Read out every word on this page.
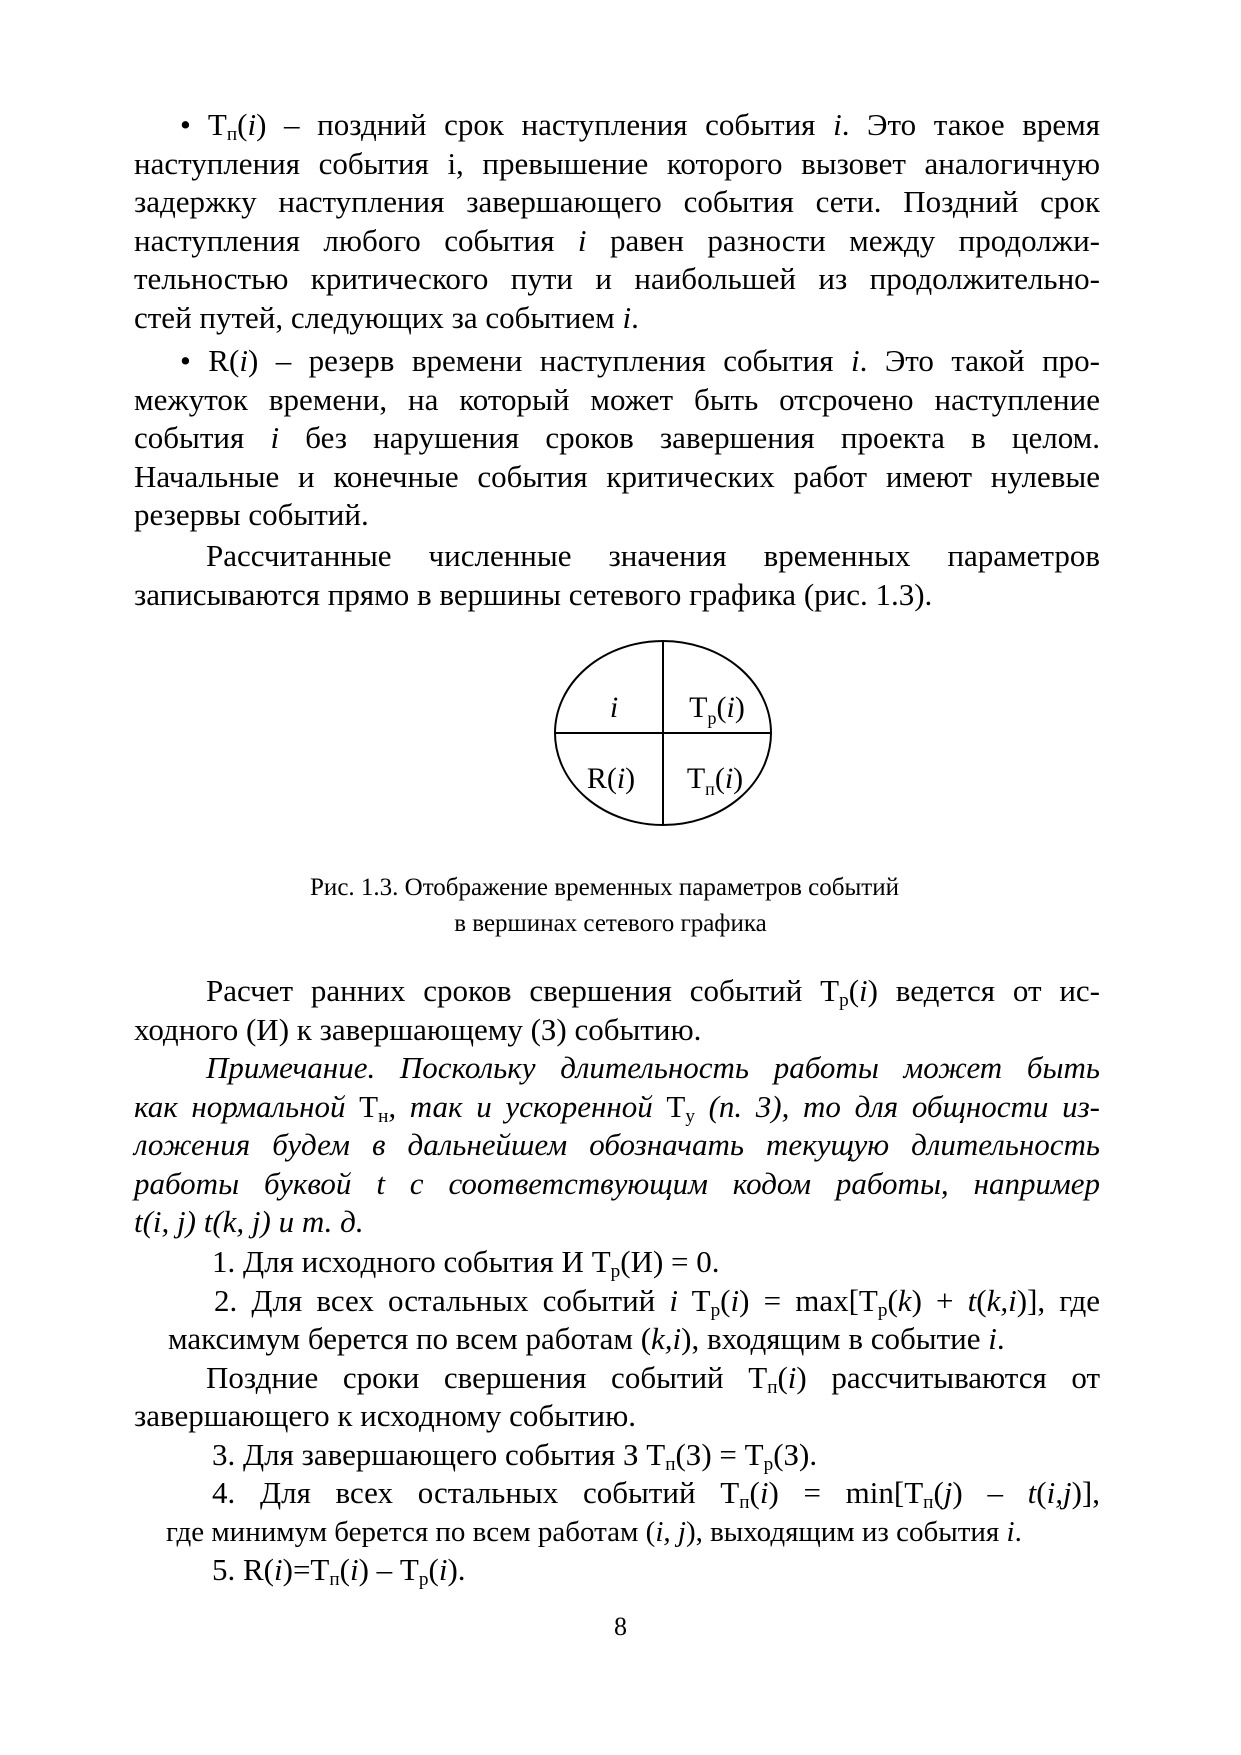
• $T_п(i)$ – поздний срок наступления события i. Это такое время

наступления события i, превышение которого вызовет аналогичную

задержку наступления завершающего события сети. Поздний срок

наступления любого события i равен разности между продолжи-

тельностью критического пути и наибольшей из продолжительно-

стей путей, следующих за событием i.

• R(i) – резерв времени наступления события i. Это такой про-

межуток времени, на который может быть отсрочено наступление

события i без нарушения сроков завершения проекта в целом.

Начальные и конечные события критических работ имеют нулевые

резервы событий.

Рассчитанные численные значения временных параметров

записываются прямо в вершины сетевого графика (рис. 1.3).

i $T_р(i)$
R(i) $T_п(i)$
Рис. 1.3. Отображение временных параметров событий
в вершинах сетевого графика

Расчет ранних сроков свершения событий $T_р(i)$ ведется от ис-

ходного (И) к завершающему (З) событию.

Примечание. Поскольку длительность работы может быть

как нормальной $T_н$, так и ускоренной $T_у$ (п. 3), то для общности из-

ложения будем в дальнейшем обозначать текущую длительность

работы буквой t с соответствующим кодом работы, например

t(i, j) t(k, j) и т. д.

1. Для исходного события И $T_р(И) = 0$.

2. Для всех остальных событий i $T_р(i) = \max[T_р(k) + t(k,i)]$, где

максимум берется по всем работам (k,i), входящим в событие i.

Поздние сроки свершения событий $T_п(i)$ рассчитываются от

завершающего к исходному событию.

3. Для завершающего события З $T_п(З) = T_р(З)$.

4. Для всех остальных событий $T_п(i) = \min[T_п(j) - t(i,j)]$,

где минимум берется по всем работам (i, j), выходящим из события i.

5. $R(i)=T_п(i) - T_р(i)$.

8
